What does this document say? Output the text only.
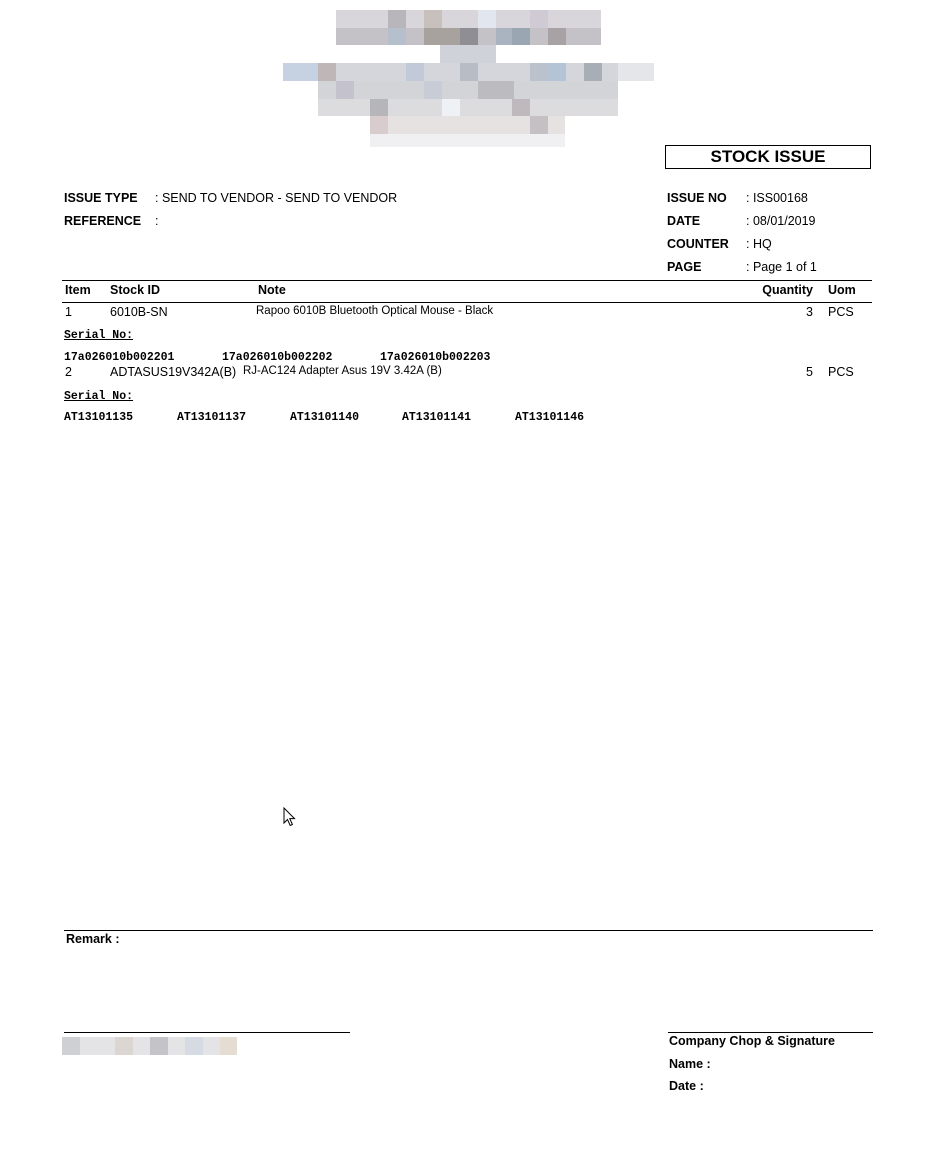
STOCK ISSUE
ISSUE TYPE : SEND TO VENDOR - SEND TO VENDOR
REFERENCE :
ISSUE NO : ISS00168
DATE	: 08/01/2019
COUNTER : HQ
PAGE	: Page 1 of 1
Item Stock ID	Note	Quantity Uom
1	6010B-SN	Rapoo 6010B Bluetooth Optical Mouse - Black	3 PCS
Serial No:
17a026010b002201	17a026010b002202	17a026010b002203
2	ADTASUS19V342A(B) RJ-AC124 Adapter Asus 19V 3.42A (B)	5 PCS
Serial No:
AT13101135	AT13101137	AT13101140	AT13101141	AT13101146
Remark :
Company Chop & Signature
Name :
Date :
